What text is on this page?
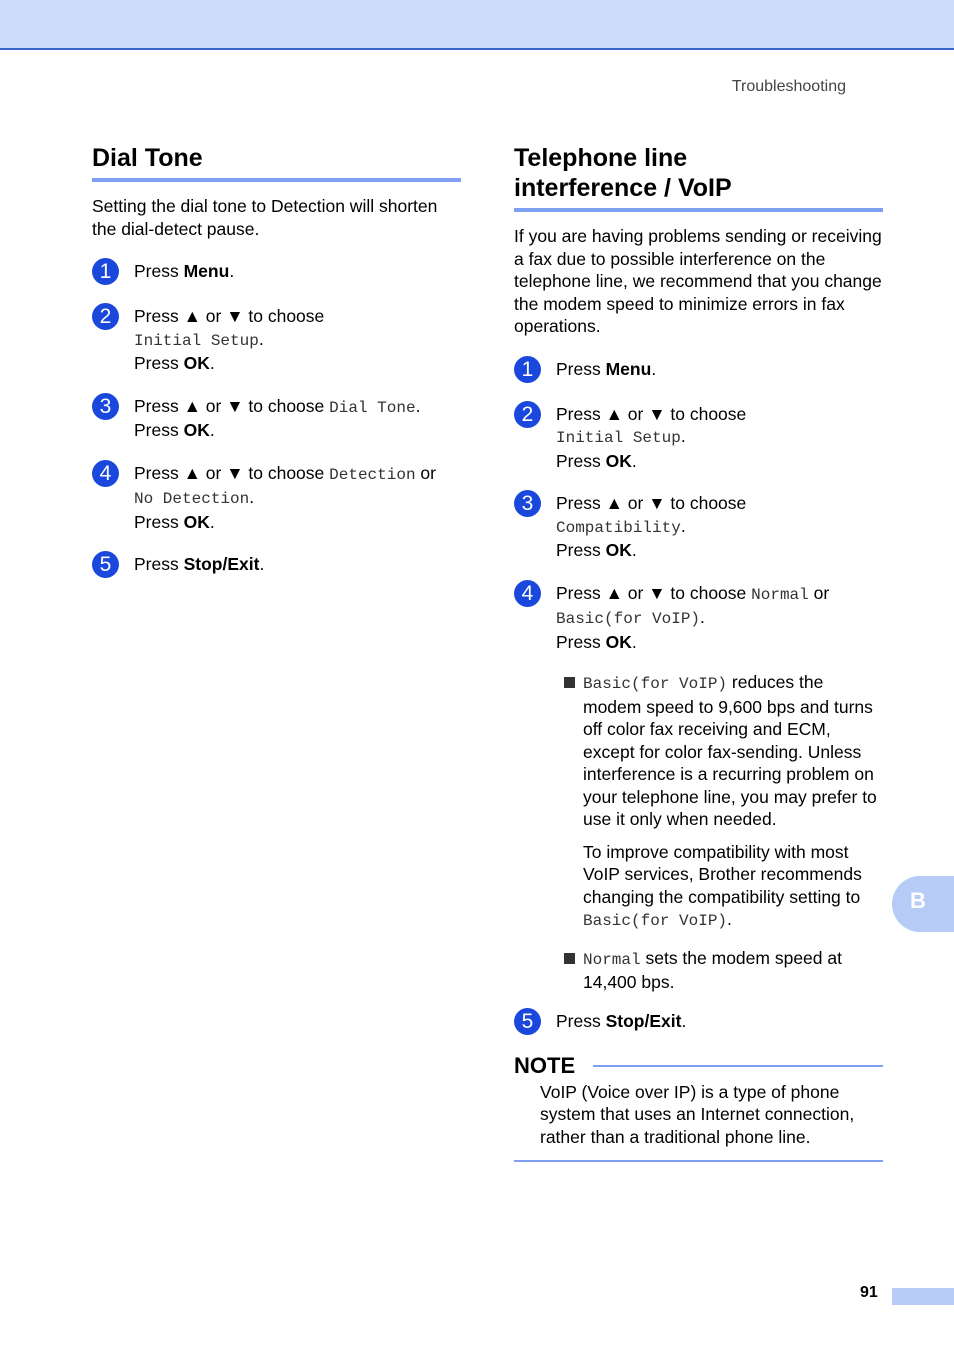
Troubleshooting
Dial Tone

Setting the dial tone to Detection will shorten the dial-detect pause.

1	Press Menu.
2	Press ▲ or ▼ to choose
Initial Setup.
Press OK.
3	Press ▲ or ▼ to choose Dial Tone.
Press OK.
4	Press ▲ or ▼ to choose Detection or
No Detection.
Press OK.
5	Press Stop/Exit.
Telephone line
interference / VoIP

If you are having problems sending or receiving a fax due to possible interference on the telephone line, we recommend that you change the modem speed to minimize errors in fax operations.

1	Press Menu.
2	Press ▲ or ▼ to choose
Initial Setup.
Press OK.
3	Press ▲ or ▼ to choose
Compatibility.
Press OK.
4	Press ▲ or ▼ to choose Normal or
Basic(for VoIP).
Press OK.

Basic(for VoIP) reduces the modem speed to 9,600 bps and turns off color fax receiving and ECM, except for color fax-sending. Unless interference is a recurring problem on your telephone line, you may prefer to use it only when needed.

To improve compatibility with most VoIP services, Brother recommends changing the compatibility setting to
Basic(for VoIP).

Normal sets the modem speed at 14,400 bps.

5	Press Stop/Exit.
NOTE

VoIP (Voice over IP) is a type of phone system that uses an Internet connection, rather than a traditional phone line.

B
91
